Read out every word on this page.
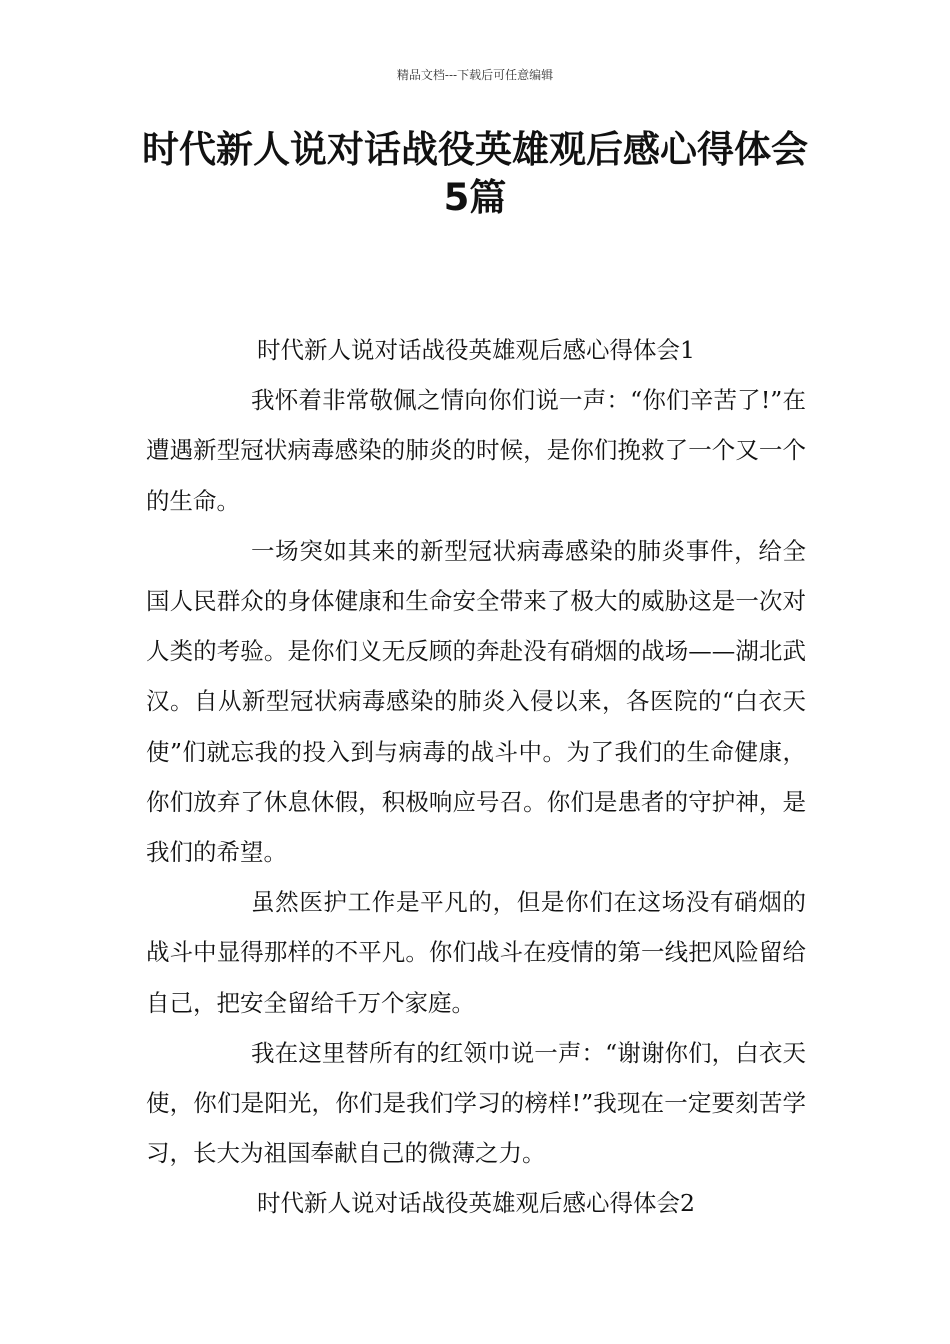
精品文档---下载后可任意编辑
时代新人说对话战役英雄观后感心得体会5篇

时代新人说对话战役英雄观后感心得体会1

我怀着非常敬佩之情向你们说一声：“你们辛苦了!”在遭遇新型冠状病毒感染的肺炎的时候，是你们挽救了一个又一个的生命。

一场突如其来的新型冠状病毒感染的肺炎事件，给全国人民群众的身体健康和生命安全带来了极大的威胁这是一次对人类的考验。是你们义无反顾的奔赴没有硝烟的战场——湖北武汉。自从新型冠状病毒感染的肺炎入侵以来，各医院的“白衣天使”们就忘我的投入到与病毒的战斗中。为了我们的生命健康，你们放弃了休息休假，积极响应号召。你们是患者的守护神，是我们的希望。

虽然医护工作是平凡的，但是你们在这场没有硝烟的战斗中显得那样的不平凡。你们战斗在疫情的第一线把风险留给自己，把安全留给千万个家庭。

我在这里替所有的红领巾说一声：“谢谢你们，白衣天使，你们是阳光，你们是我们学习的榜样!”我现在一定要刻苦学习，长大为祖国奉献自己的微薄之力。

时代新人说对话战役英雄观后感心得体会2
